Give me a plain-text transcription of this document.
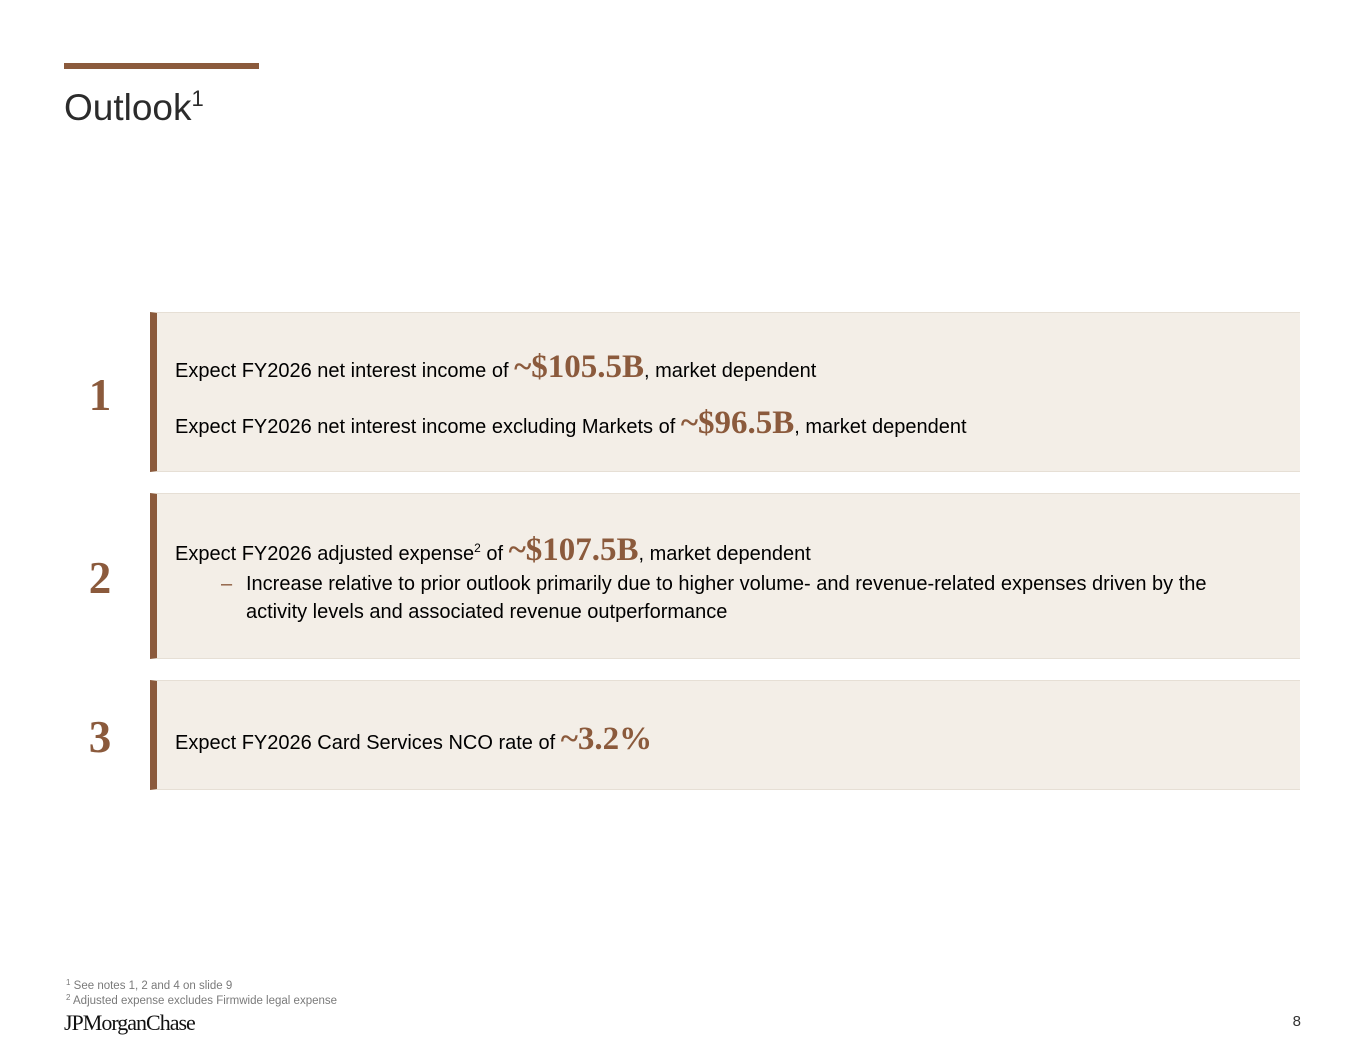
Outlook$^1$
1	Expect FY2026 net interest income of ~$105.5B, market dependent
Expect FY2026 net interest income excluding Markets of ~$96.5B, market dependent
2	Expect FY2026 adjusted expense$^2$ of ~$107.5B, market dependent
– Increase relative to prior outlook primarily due to higher volume- and revenue-related expenses driven by the activity levels and associated revenue outperformance
3	Expect FY2026 Card Services NCO rate of ~3.2%
$^1$ See notes 1, 2 and 4 on slide 9
$^2$ Adjusted expense excludes Firmwide legal expense
JPMorganChase	8
